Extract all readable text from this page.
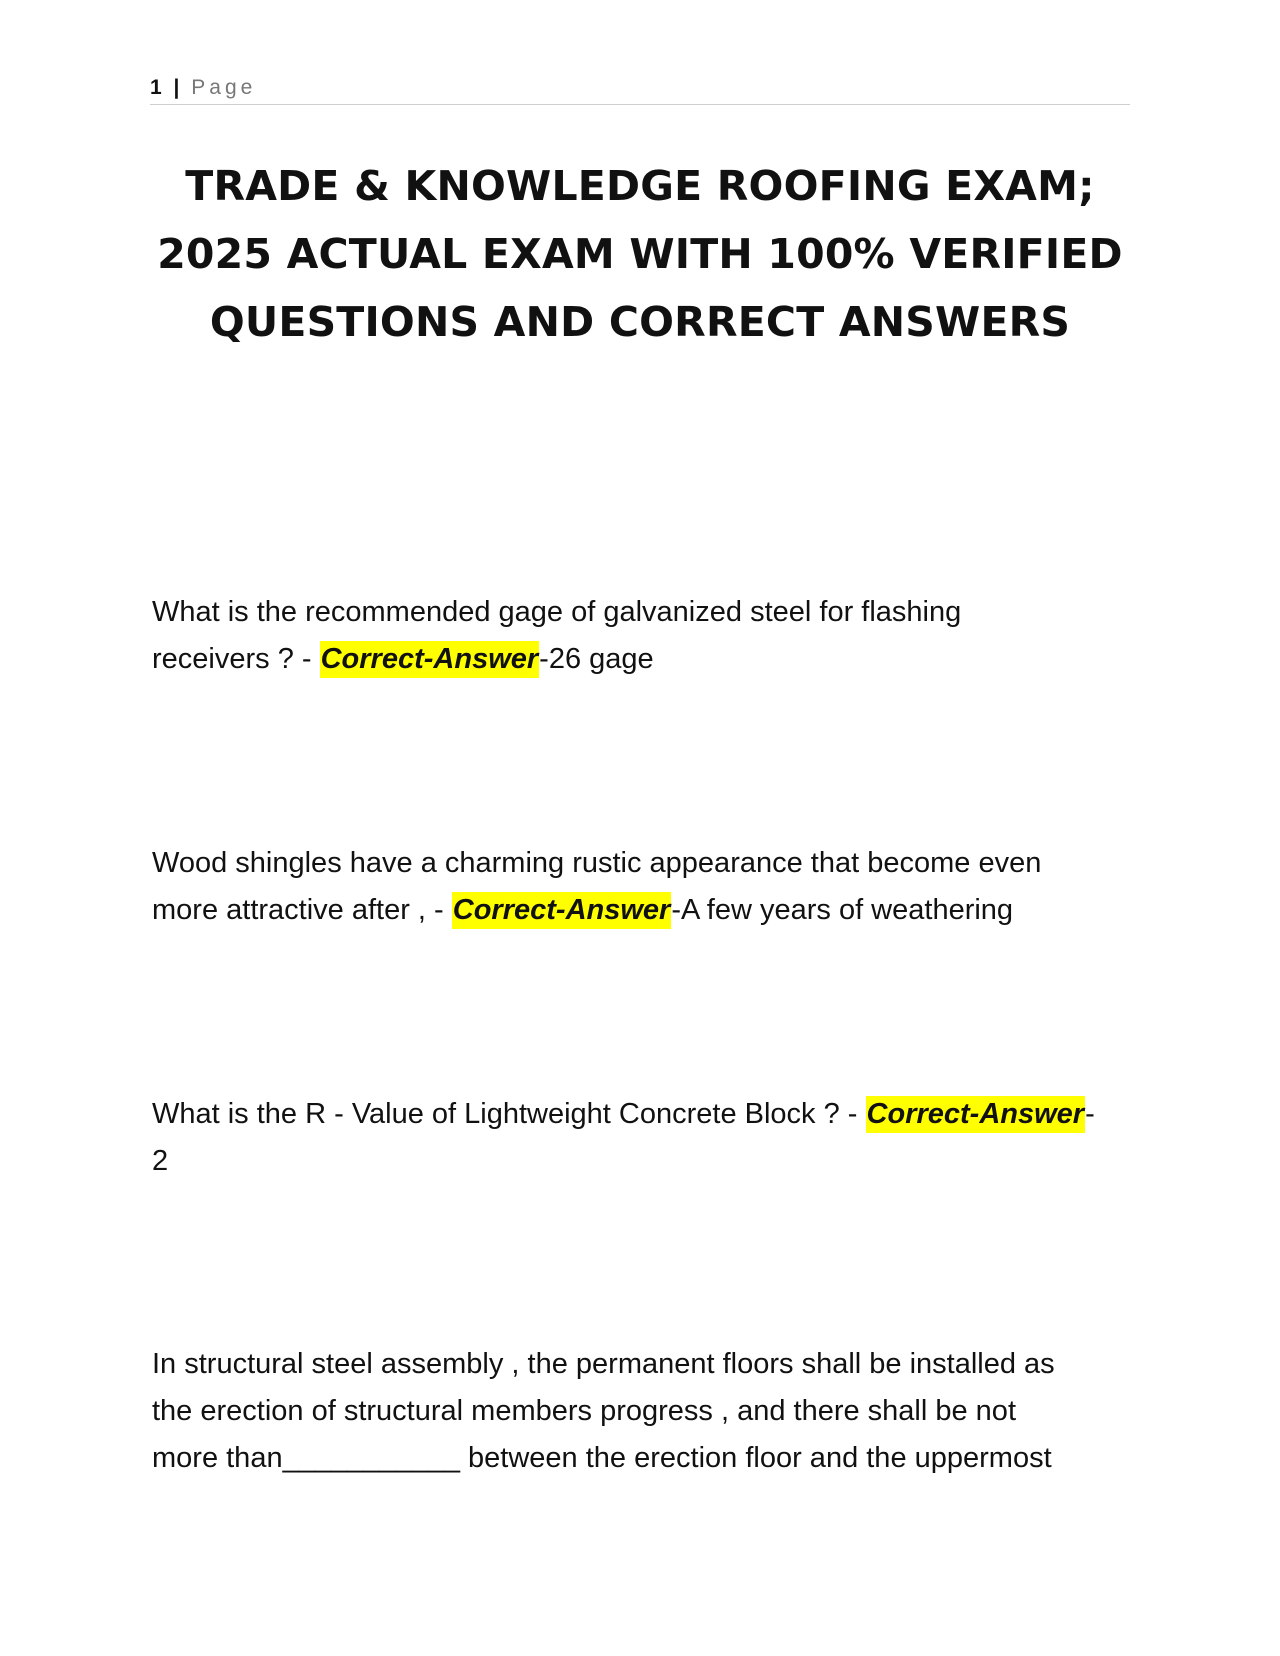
1 | Page
TRADE & KNOWLEDGE ROOFING EXAM;
2025 ACTUAL EXAM WITH 100% VERIFIED
QUESTIONS AND CORRECT ANSWERS
What is the recommended gage of galvanized steel for flashing
receivers ? - Correct-Answer-26 gage
Wood shingles have a charming rustic appearance that become even
more attractive after , - Correct-Answer-A few years of weathering
What is the R - Value of Lightweight Concrete Block ? - Correct-Answer-
2
In structural steel assembly , the permanent floors shall be installed as
the erection of structural members progress , and there shall be not
more than___________ between the erection floor and the uppermost
